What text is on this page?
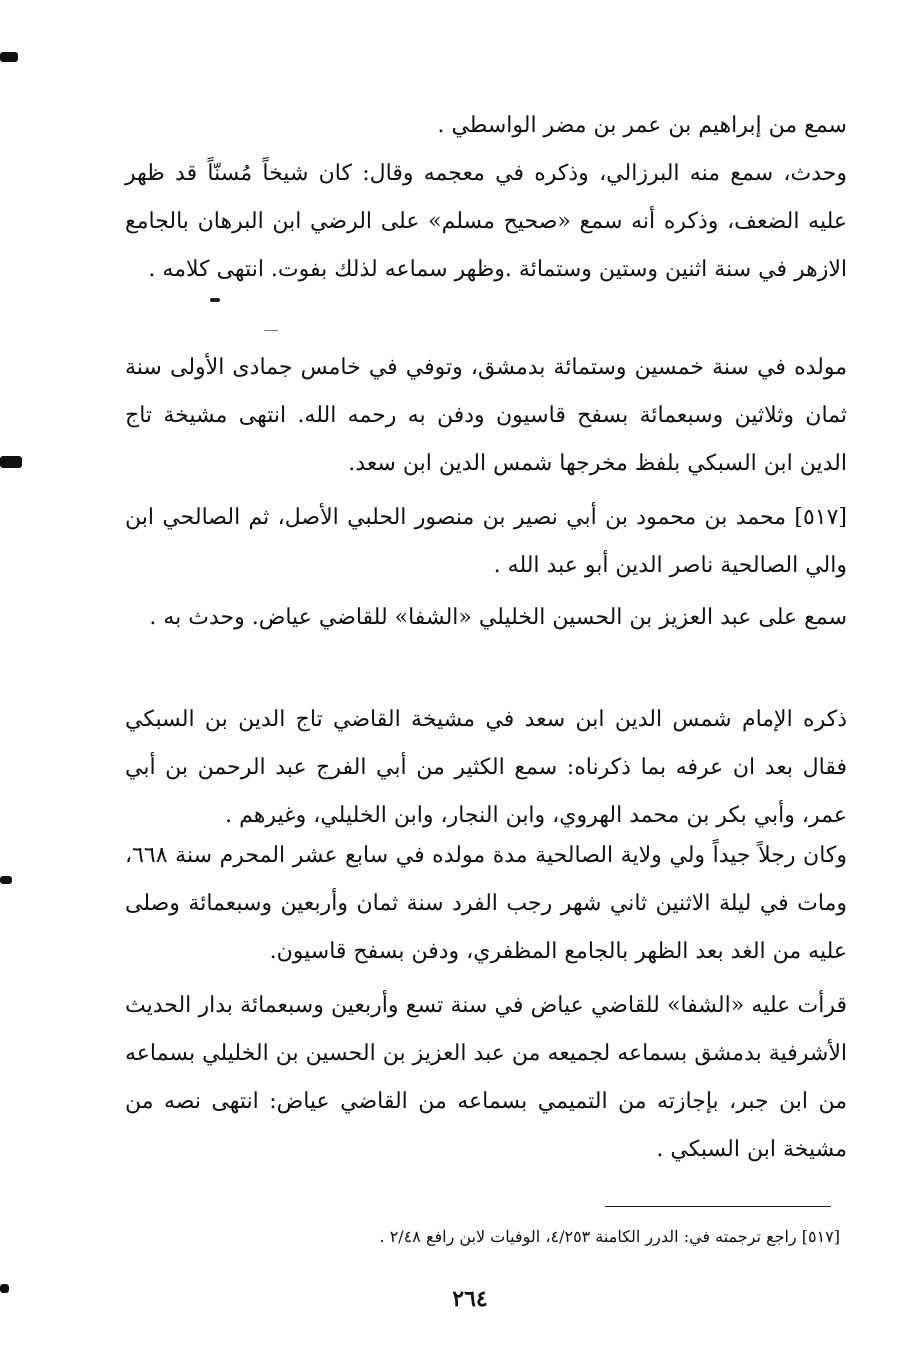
سمع من إبراهيم بن عمر بن مضر الواسطي .

وحدث، سمع منه البرزالي، وذكره في معجمه وقال: كان شيخاً مُسنّاً قد ظهر عليه الضعف، وذكره أنه سمع «صحيح مسلم» على الرضي ابن البرهان بالجامع الازهر في سنة اثنين وستين وستمائة .وظهر سماعه لذلك بفوت. انتهى كلامه .

مولده في سنة خمسين وستمائة بدمشق، وتوفي في خامس جمادى الأولى سنة ثمان وثلاثين وسبعمائة بسفح قاسيون ودفن به رحمه الله. انتهى مشيخة تاج الدين ابن السبكي بلفظ مخرجها شمس الدين ابن سعد.

[٥١٧] محمد بن محمود بن أبي نصير بن منصور الحلبي الأصل، ثم الصالحي ابن والي الصالحية ناصر الدين أبو عبد الله .

سمع على عبد العزيز بن الحسين الخليلي «الشفا» للقاضي عياض. وحدث به .

ذكره الإمام شمس الدين ابن سعد في مشيخة القاضي تاج الدين بن السبكي فقال بعد ان عرفه بما ذكرناه: سمع الكثير من أبي الفرج عبد الرحمن بن أبي عمر، وأبي بكر بن محمد الهروي، وابن النجار، وابن الخليلي، وغيرهم .

وكان رجلاً جيداً ولي ولاية الصالحية مدة مولده في سابع عشر المحرم سنة ٦٦٨، ومات في ليلة الاثنين ثاني شهر رجب الفرد سنة ثمان وأربعين وسبعمائة وصلى عليه من الغد بعد الظهر بالجامع المظفري، ودفن بسفح قاسيون.

قرأت عليه «الشفا» للقاضي عياض في سنة تسع وأربعين وسبعمائة بدار الحديث الأشرفية بدمشق بسماعه لجميعه من عبد العزيز بن الحسين بن الخليلي بسماعه من ابن جبر، بإجازته من التميمي بسماعه من القاضي عياض: انتهى نصه من مشيخة ابن السبكي .

[٥١٧] راجع ترجمته في: الدرر الكامنة ٤/٢٥٣، الوفيات لابن رافع ٢/٤٨ .
٢٦٤
